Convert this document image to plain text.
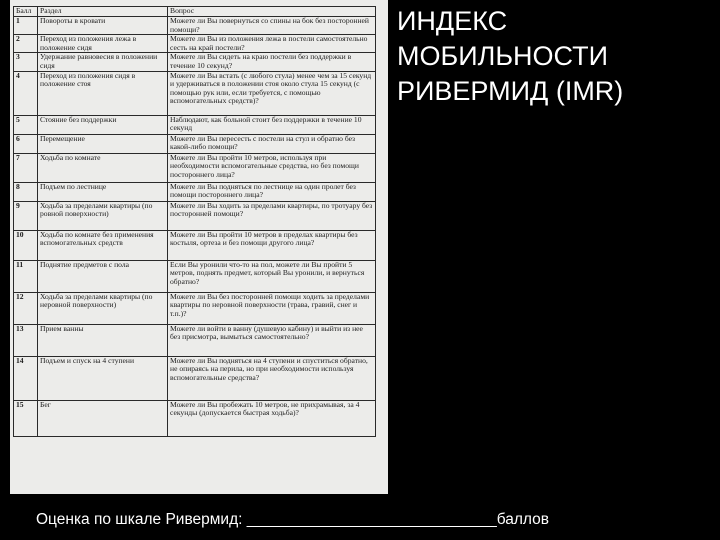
Балл	Раздел	Вопрос
1	Повороты в кровати	Можете ли Вы повернуться со спины на бок без посторонней помощи?
2	Переход из положения лежа в положение сидя	Можете ли Вы из положения лежа в постели самостоятельно сесть на край постели?
3	Удержание равновесия в положении сидя	Можете ли Вы сидеть на краю постели без поддержки в течение 10 секунд?
4	Переход из положения сидя в положение стоя	Можете ли Вы встать (с любого стула) менее чем за 15 секунд и удерживаться в положении стоя около стула 15 секунд (с помощью рук или, если требуется, с помощью вспомогательных средств)?
5	Стояние без поддержки	Наблюдают, как больной стоит без поддержки в течение 10 секунд
6	Перемещение	Можете ли Вы пересесть с постели на стул и обратно без какой-либо помощи?
7	Ходьба по комнате	Можете ли Вы пройти 10 метров, используя при необходимости вспомогательные средства, но без помощи постороннего лица?
8	Подъем по лестнице	Можете ли Вы подняться по лестнице на один пролет без помощи постороннего лица?
9	Ходьба за пределами квартиры (по ровной поверхности)	Можете ли Вы ходить за пределами квартиры, по тротуару без посторонней помощи?
10	Ходьба по комнате без применения вспомогательных средств	Можете ли Вы пройти 10 метров в пределах квартиры без костыля, ортеза и без помощи другого лица?
11	Поднятие предметов с пола	Если Вы уронили что-то на пол, можете ли Вы пройти 5 метров, поднять предмет, который Вы уронили, и вернуться обратно?
12	Ходьба за пределами квартиры (по неровной поверхности)	Можете ли Вы без посторонней помощи ходить за пределами квартиры по неровной поверхности (трава, гравий, снег и т.п.)?
13	Прием ванны	Можете ли войти в ванну (душевую кабину) и выйти из нее без присмотра, вымыться самостоятельно?
14	Подъем и спуск на 4 ступени	Можете ли Вы подняться на 4 ступени и спуститься обратно, не опираясь на перила, но при необходимости используя вспомогательные средства?
15	Бег	Можете ли Вы пробежать 10 метров, не прихрамывая, за 4 секунды (допускается быстрая ходьба)?
ИНДЕКС МОБИЛЬНОСТИ РИВЕРМИД (IMR)
Оценка по шкале Ривермид: _____________________________баллов
